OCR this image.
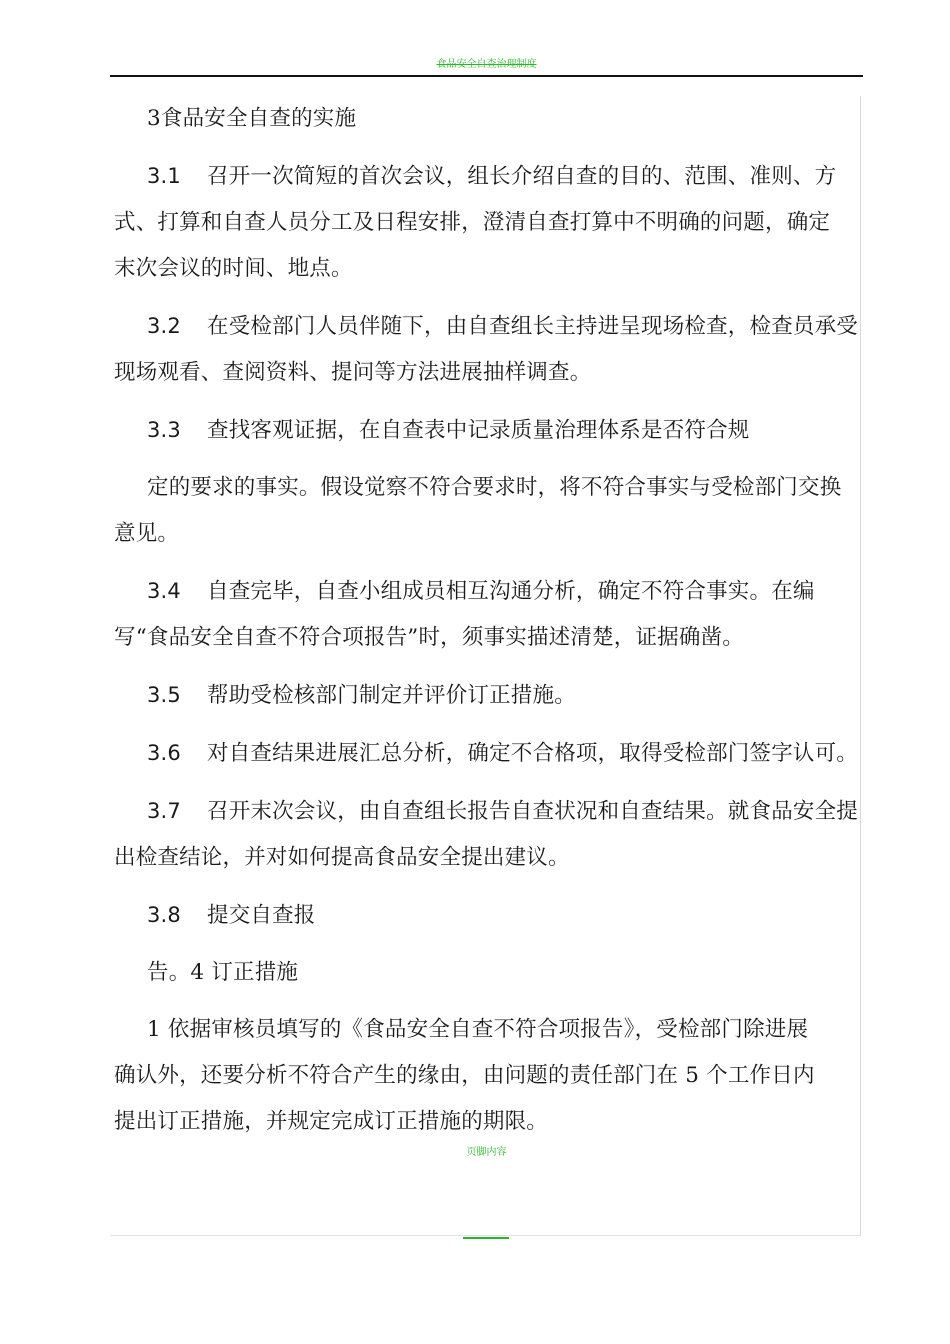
食品安全自查治理制度

3食品安全自查的实施

3.1 召开一次简短的首次会议，组长介绍自查的目的、范围、准则、方
式、打算和自查人员分工及日程安排，澄清自查打算中不明确的问题，确定
末次会议的时间、地点。

3.2 在受检部门人员伴随下，由自查组长主持进呈现场检查，检查员承受
现场观看、查阅资料、提问等方法进展抽样调查。

3.3 查找客观证据，在自查表中记录质量治理体系是否符合规

定的要求的事实。假设觉察不符合要求时，将不符合事实与受检部门交换
意见。

3.4 自查完毕，自查小组成员相互沟通分析，确定不符合事实。在编
写“食品安全自查不符合项报告”时，须事实描述清楚，证据确凿。

3.5 帮助受检核部门制定并评价订正措施。

3.6 对自查结果进展汇总分析，确定不合格项，取得受检部门签字认可。

3.7 召开末次会议，由自查组长报告自查状况和自查结果。就食品安全提
出检查结论，并对如何提高食品安全提出建议。

3.8 提交自查报

告。4 订正措施

1 依据审核员填写的《食品安全自查不符合项报告》，受检部门除进展
确认外，还要分析不符合产生的缘由，由问题的责任部门在 5 个工作日内
提出订正措施，并规定完成订正措施的期限。

页脚内容
